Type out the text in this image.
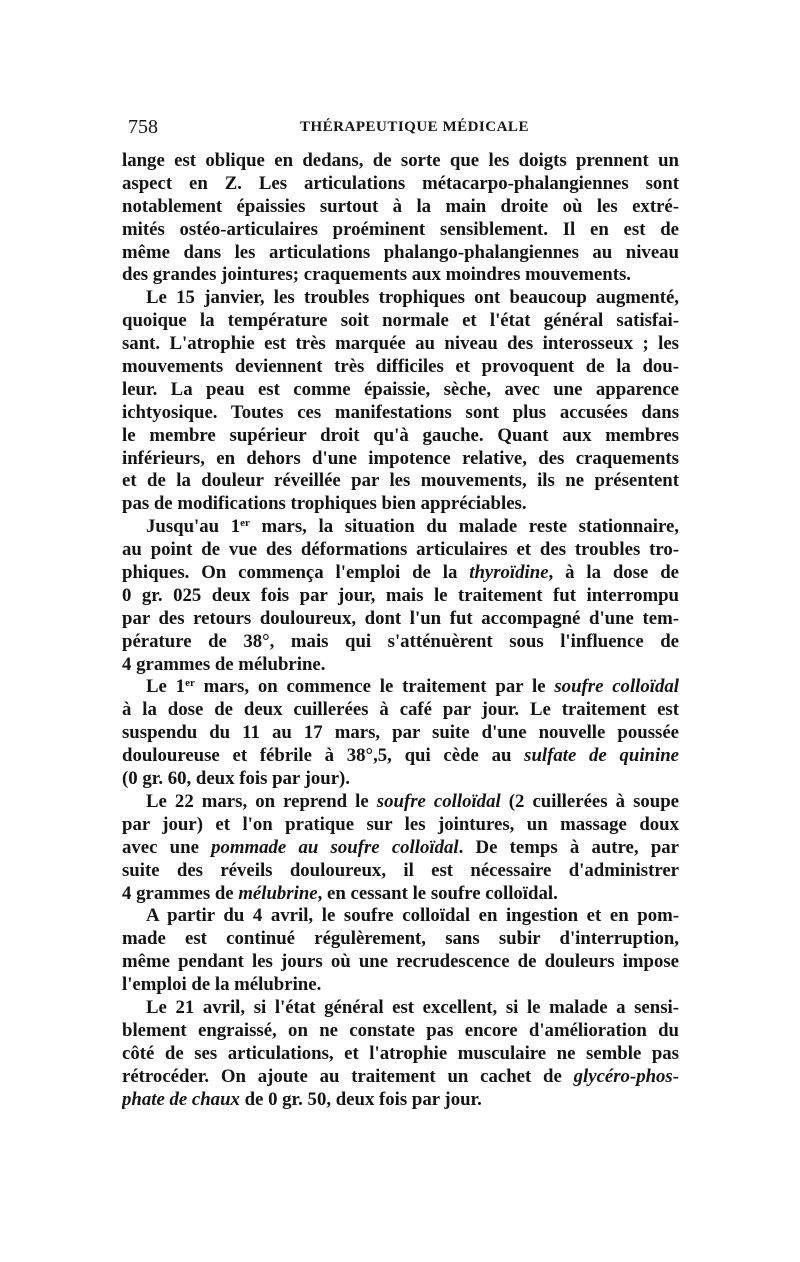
758	THÉRAPEUTIQUE MÉDICALE
lange est oblique en dedans, de sorte que les doigts prennent un
aspect en Z. Les articulations métacarpo-phalangiennes sont
notablement épaissies surtout à la main droite où les extré-
mités ostéo-articulaires proéminent sensiblement. Il en est de
même dans les articulations phalango-phalangiennes au niveau
des grandes jointures; craquements aux moindres mouvements.
Le 15 janvier, les troubles trophiques ont beaucoup augmenté,
quoique la température soit normale et l'état général satisfai-
sant. L'atrophie est très marquée au niveau des interosseux ; les
mouvements deviennent très difficiles et provoquent de la dou-
leur. La peau est comme épaissie, sèche, avec une apparence
ichtyosique. Toutes ces manifestations sont plus accusées dans
le membre supérieur droit qu'à gauche. Quant aux membres
inférieurs, en dehors d'une impotence relative, des craquements
et de la douleur réveillée par les mouvements, ils ne présentent
pas de modifications trophiques bien appréciables.
Jusqu'au 1er mars, la situation du malade reste stationnaire,
au point de vue des déformations articulaires et des troubles tro-
phiques. On commença l'emploi de la thyroïdine, à la dose de
0 gr. 025 deux fois par jour, mais le traitement fut interrompu
par des retours douloureux, dont l'un fut accompagné d'une tem-
pérature de 38°, mais qui s'atténuèrent sous l'influence de
4 grammes de mélubrine.
Le 1er mars, on commence le traitement par le soufre colloïdal
à la dose de deux cuillerées à café par jour. Le traitement est
suspendu du 11 au 17 mars, par suite d'une nouvelle poussée
douloureuse et fébrile à 38°,5, qui cède au sulfate de quinine
(0 gr. 60, deux fois par jour).
Le 22 mars, on reprend le soufre colloïdal (2 cuillerées à soupe
par jour) et l'on pratique sur les jointures, un massage doux
avec une pommade au soufre colloïdal. De temps à autre, par
suite des réveils douloureux, il est nécessaire d'administrer
4 grammes de mélubrine, en cessant le soufre colloïdal.
A partir du 4 avril, le soufre colloïdal en ingestion et en pom-
made est continué régulèrement, sans subir d'interruption,
même pendant les jours où une recrudescence de douleurs impose
l'emploi de la mélubrine.
Le 21 avril, si l'état général est excellent, si le malade a sensi-
blement engraissé, on ne constate pas encore d'amélioration du
côté de ses articulations, et l'atrophie musculaire ne semble pas
rétrocéder. On ajoute au traitement un cachet de glycéro-phos-
phate de chaux de 0 gr. 50, deux fois par jour.
